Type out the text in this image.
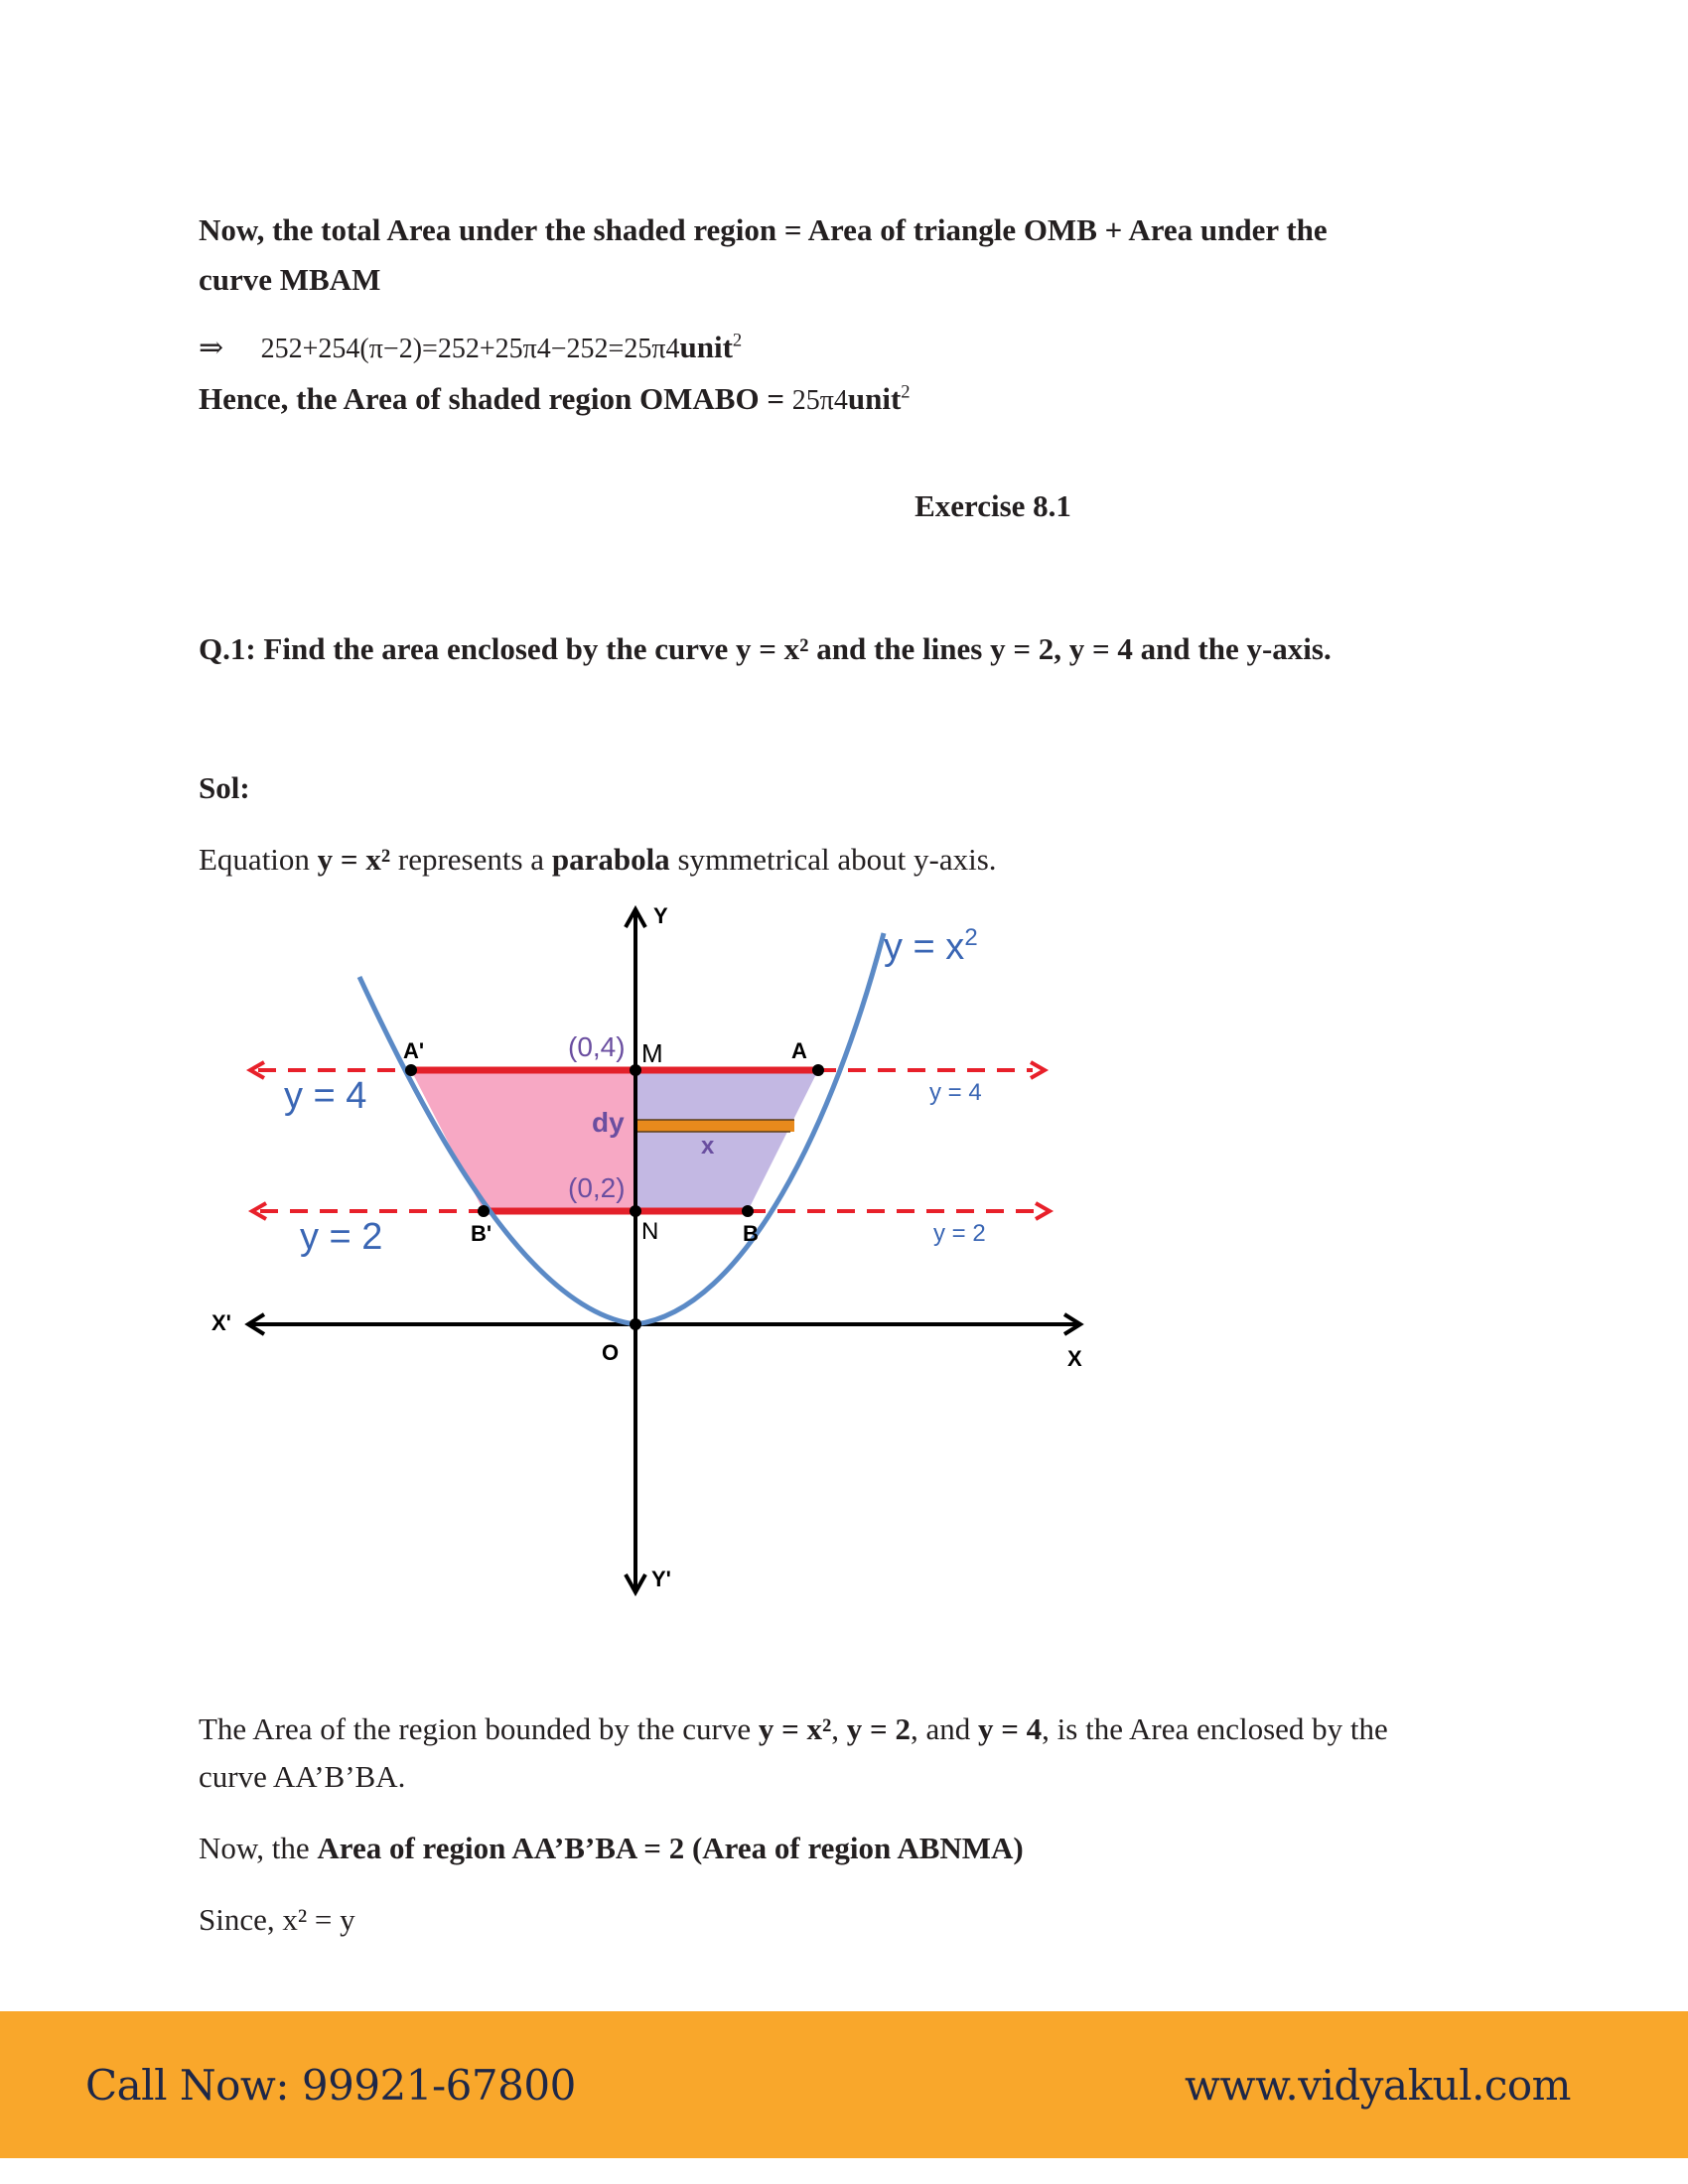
Now, the total Area under the shaded region = Area of triangle OMB + Area under the
curve MBAM
⇒ 252+254(π−2)=252+25π4−252=25π4unit$^2$
Hence, the Area of shaded region OMABO = 25π4unit$^2$
Exercise 8.1
Q.1: Find the area enclosed by the curve y = x² and the lines y = 2, y = 4 and the y-axis.
Sol:
Equation y = x² represents a parabola symmetrical about y-axis.
Y
Y'
X
X'
O
$y = x^2$
y = 4
y = 2
y = 4
y = 2
A'	A
B'	B
M
N
(0,4)
(0,2)
dy
x
The Area of the region bounded by the curve y = x², y = 2, and y = 4, is the Area enclosed by the
curve AA’B’BA.
Now, the Area of region AA’B’BA = 2 (Area of region ABNMA)
Since, x² = y
Call Now: 99921-67800	www.vidyakul.com
